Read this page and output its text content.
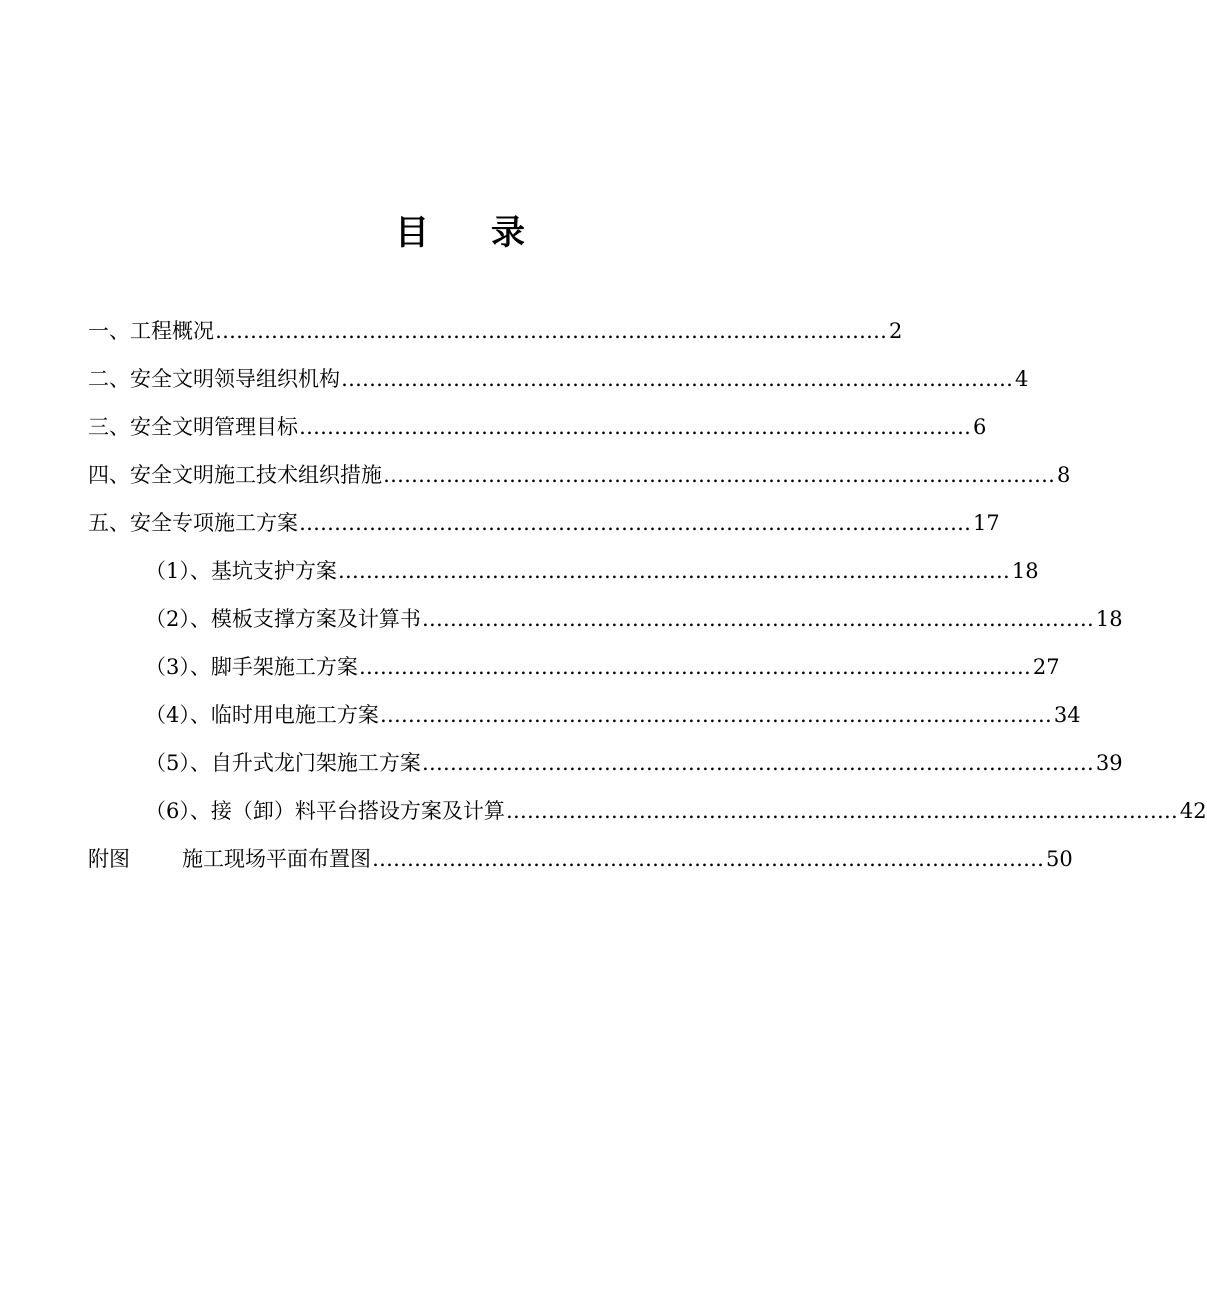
目 录
一、工程概况 …………………………………………………………………………………… 2
二、安全文明领导组织机构 …………………………………………………………………………………… 4
三、安全文明管理目标 …………………………………………………………………………………… 6
四、安全文明施工技术组织措施 …………………………………………………………………………………… 8
五、安全专项施工方案 …………………………………………………………………………………… 17
（1）、基坑支护方案 …………………………………………………………………………………… 18
（2）、模板支撑方案及计算书 …………………………………………………………………………………… 18
（3）、脚手架施工方案 …………………………………………………………………………………… 27
（4）、临时用电施工方案 …………………………………………………………………………………… 34
（5）、自升式龙门架施工方案 …………………………………………………………………………………… 39
（6）、接（卸）料平台搭设方案及计算 …………………………………………………………………………………… 42
附图 施工现场平面布置图 …………………………………………………………………………………… 50
